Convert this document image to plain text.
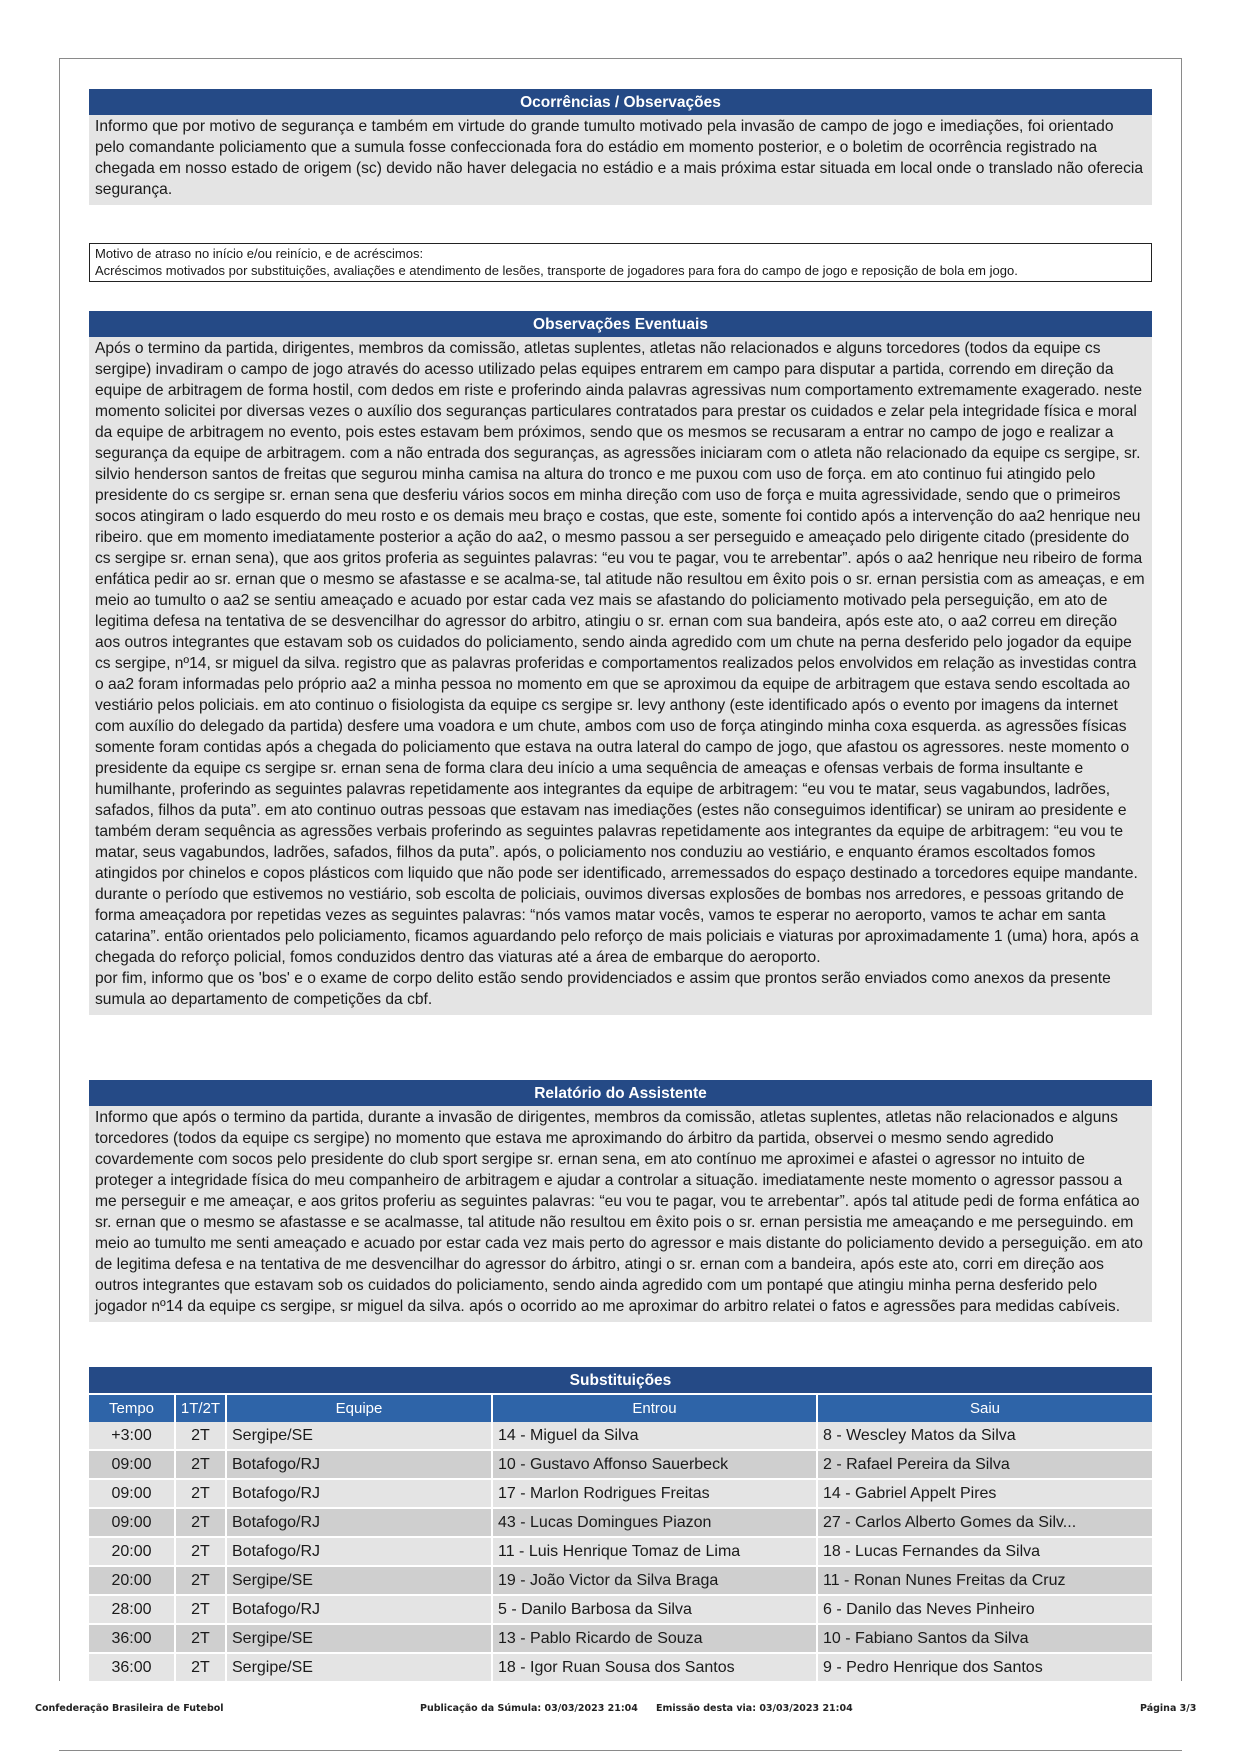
Ocorrências / Observações

Informo que por motivo de segurança e também em virtude do grande tumulto motivado pela invasão de campo de jogo e imediações, foi orientado pelo comandante policiamento que a sumula fosse confeccionada fora do estádio em momento posterior, e o boletim de ocorrência registrado na chegada em nosso estado de origem (sc) devido não haver delegacia no estádio e a mais próxima estar situada em local onde o translado não oferecia segurança.

Motivo de atraso no início e/ou reinício, e de acréscimos:
Acréscimos motivados por substituições, avaliações e atendimento de lesões, transporte de jogadores para fora do campo de jogo e reposição de bola em jogo.
Observações Eventuais

Após o termino da partida, dirigentes, membros da comissão, atletas suplentes, atletas não relacionados e alguns torcedores (todos da equipe cs sergipe) invadiram o campo de jogo através do acesso utilizado pelas equipes entrarem em campo para disputar a partida, correndo em direção da equipe de arbitragem de forma hostil, com dedos em riste e proferindo ainda palavras agressivas num comportamento extremamente exagerado. neste momento solicitei por diversas vezes o auxílio dos seguranças particulares contratados para prestar os cuidados e zelar pela integridade física e moral da equipe de arbitragem no evento, pois estes estavam bem próximos, sendo que os mesmos se recusaram a entrar no campo de jogo e realizar a segurança da equipe de arbitragem. com a não entrada dos seguranças, as agressões iniciaram com o atleta não relacionado da equipe cs sergipe, sr. silvio henderson santos de freitas que segurou minha camisa na altura do tronco e me puxou com uso de força. em ato continuo fui atingido pelo presidente do cs sergipe sr. ernan sena que desferiu vários socos em minha direção com uso de força e muita agressividade, sendo que o primeiros socos atingiram o lado esquerdo do meu rosto e os demais meu braço e costas, que este, somente foi contido após a intervenção do aa2 henrique neu ribeiro. que em momento imediatamente posterior a ação do aa2, o mesmo passou a ser perseguido e ameaçado pelo dirigente citado (presidente do cs sergipe sr. ernan sena), que aos gritos proferia as seguintes palavras: “eu vou te pagar, vou te arrebentar”. após o aa2 henrique neu ribeiro de forma enfática pedir ao sr. ernan que o mesmo se afastasse e se acalma-se, tal atitude não resultou em êxito pois o sr. ernan persistia com as ameaças, e em meio ao tumulto o aa2 se sentiu ameaçado e acuado por estar cada vez mais se afastando do policiamento motivado pela perseguição, em ato de legitima defesa na tentativa de se desvencilhar do agressor do arbitro, atingiu o sr. ernan com sua bandeira, após este ato, o aa2 correu em direção aos outros integrantes que estavam sob os cuidados do policiamento, sendo ainda agredido com um chute na perna desferido pelo jogador da equipe cs sergipe, nº14, sr miguel da silva. registro que as palavras proferidas e comportamentos realizados pelos envolvidos em relação as investidas contra o aa2 foram informadas pelo próprio aa2 a minha pessoa no momento em que se aproximou da equipe de arbitragem que estava sendo escoltada ao vestiário pelos policiais. em ato continuo o fisiologista da equipe cs sergipe sr. levy anthony (este identificado após o evento por imagens da internet com auxílio do delegado da partida) desfere uma voadora e um chute, ambos com uso de força atingindo minha coxa esquerda. as agressões físicas somente foram contidas após a chegada do policiamento que estava na outra lateral do campo de jogo, que afastou os agressores. neste momento o presidente da equipe cs sergipe sr. ernan sena de forma clara deu início a uma sequência de ameaças e ofensas verbais de forma insultante e humilhante, proferindo as seguintes palavras repetidamente aos integrantes da equipe de arbitragem: “eu vou te matar, seus vagabundos, ladrões, safados, filhos da puta”. em ato continuo outras pessoas que estavam nas imediações (estes não conseguimos identificar) se uniram ao presidente e também deram sequência as agressões verbais proferindo as seguintes palavras repetidamente aos integrantes da equipe de arbitragem: “eu vou te matar, seus vagabundos, ladrões, safados, filhos da puta”. após, o policiamento nos conduziu ao vestiário, e enquanto éramos escoltados fomos atingidos por chinelos e copos plásticos com liquido que não pode ser identificado, arremessados do espaço destinado a torcedores equipe mandante. durante o período que estivemos no vestiário, sob escolta de policiais, ouvimos diversas explosões de bombas nos arredores, e pessoas gritando de forma ameaçadora por repetidas vezes as seguintes palavras: “nós vamos matar vocês, vamos te esperar no aeroporto, vamos te achar em santa catarina”. então orientados pelo policiamento, ficamos aguardando pelo reforço de mais policiais e viaturas por aproximadamente 1 (uma) hora, após a chegada do reforço policial, fomos conduzidos dentro das viaturas até a área de embarque do aeroporto.

por fim, informo que os 'bos' e o exame de corpo delito estão sendo providenciados e assim que prontos serão enviados como anexos da presente sumula ao departamento de competições da cbf.

Relatório do Assistente

Informo que após o termino da partida, durante a invasão de dirigentes, membros da comissão, atletas suplentes, atletas não relacionados e alguns torcedores (todos da equipe cs sergipe) no momento que estava me aproximando do árbitro da partida, observei o mesmo sendo agredido covardemente com socos pelo presidente do club sport sergipe sr. ernan sena, em ato contínuo me aproximei e afastei o agressor no intuito de proteger a integridade física do meu companheiro de arbitragem e ajudar a controlar a situação. imediatamente neste momento o agressor passou a me perseguir e me ameaçar, e aos gritos proferiu as seguintes palavras: “eu vou te pagar, vou te arrebentar”. após tal atitude pedi de forma enfática ao sr. ernan que o mesmo se afastasse e se acalmasse, tal atitude não resultou em êxito pois o sr. ernan persistia me ameaçando e me perseguindo. em meio ao tumulto me senti ameaçado e acuado por estar cada vez mais perto do agressor e mais distante do policiamento devido a perseguição. em ato de legitima defesa e na tentativa de me desvencilhar do agressor do árbitro, atingi o sr. ernan com a bandeira, após este ato, corri em direção aos outros integrantes que estavam sob os cuidados do policiamento, sendo ainda agredido com um pontapé que atingiu minha perna desferido pelo jogador nº14 da equipe cs sergipe, sr miguel da silva. após o ocorrido ao me aproximar do arbitro relatei o fatos e agressões para medidas cabíveis.

Substituições
Tempo	1T/2T	Equipe	Entrou	Saiu
+3:00	2T	Sergipe/SE	14 - Miguel da Silva	8 - Wescley Matos da Silva
09:00	2T	Botafogo/RJ	10 - Gustavo Affonso Sauerbeck	2 - Rafael Pereira da Silva
09:00	2T	Botafogo/RJ	17 - Marlon Rodrigues Freitas	14 - Gabriel Appelt Pires
09:00	2T	Botafogo/RJ	43 - Lucas Domingues Piazon	27 - Carlos Alberto Gomes da Silv...
20:00	2T	Botafogo/RJ	11 - Luis Henrique Tomaz de Lima	18 - Lucas Fernandes da Silva
20:00	2T	Sergipe/SE	19 - João Victor da Silva Braga	11 - Ronan Nunes Freitas da Cruz
28:00	2T	Botafogo/RJ	5 - Danilo Barbosa da Silva	6 - Danilo das Neves Pinheiro
36:00	2T	Sergipe/SE	13 - Pablo Ricardo de Souza	10 - Fabiano Santos da Silva
36:00	2T	Sergipe/SE	18 - Igor Ruan Sousa dos Santos	9 - Pedro Henrique dos Santos
Confederação Brasileira de Futebol	Publicação da Súmula: 03/03/2023 21:04 Emissão desta via: 03/03/2023 21:04	Página 3/3
